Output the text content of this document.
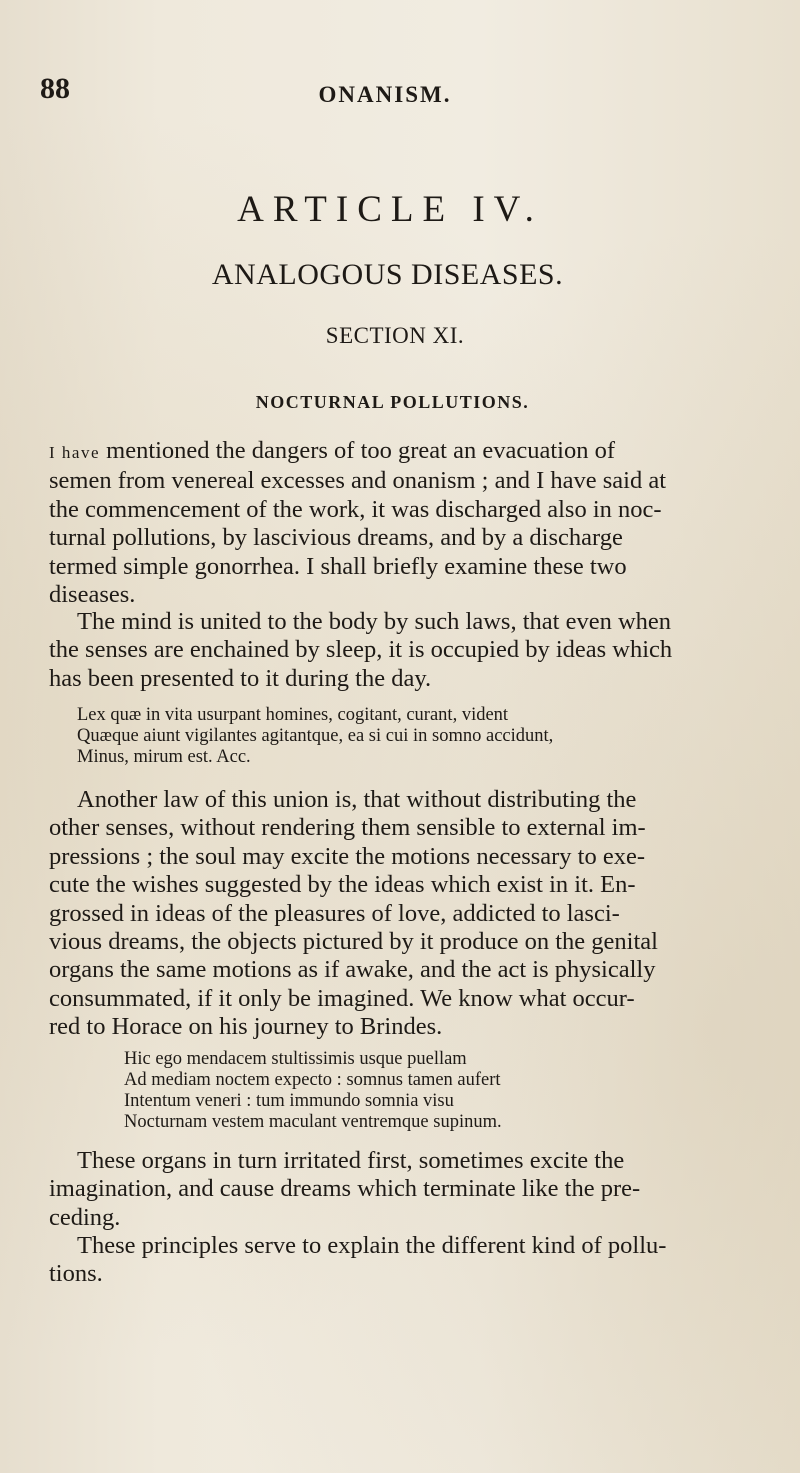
88	ONANISM.
ARTICLE IV.
ANALOGOUS DISEASES.
SECTION XI.
NOCTURNAL POLLUTIONS.

I have mentioned the dangers of too great an evacuation of
semen from venereal excesses and onanism ; and I have said at
the commencement of the work, it was discharged also in noc-
turnal pollutions, by lascivious dreams, and by a discharge
termed simple gonorrhea. I shall briefly examine these two
diseases.

The mind is united to the body by such laws, that even when
the senses are enchained by sleep, it is occupied by ideas which
has been presented to it during the day.

Lex quæ in vita usurpant homines, cogitant, curant, vident
Quæque aiunt vigilantes agitantque, ea si cui in somno accidunt,
Minus, mirum est. Acc.

Another law of this union is, that without distributing the
other senses, without rendering them sensible to external im-
pressions ; the soul may excite the motions necessary to exe-
cute the wishes suggested by the ideas which exist in it. En-
grossed in ideas of the pleasures of love, addicted to lasci-
vious dreams, the objects pictured by it produce on the genital
organs the same motions as if awake, and the act is physically
consummated, if it only be imagined. We know what occur-
red to Horace on his journey to Brindes.

Hic ego mendacem stultissimis usque puellam
Ad mediam noctem expecto : somnus tamen aufert
Intentum veneri : tum immundo somnia visu
Nocturnam vestem maculant ventremque supinum.

These organs in turn irritated first, sometimes excite the
imagination, and cause dreams which terminate like the pre-
ceding.

These principles serve to explain the different kind of pollu-
tions.
